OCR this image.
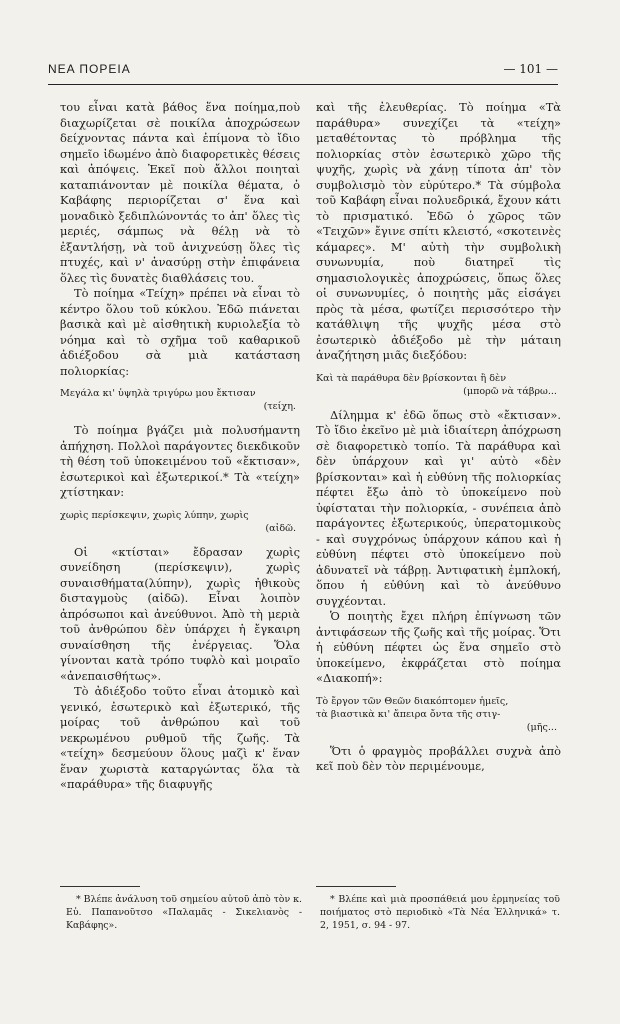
ΝΕΑ ΠΟΡΕΙΑ	— 101 —

του εἶναι κατὰ βάθος ἕνα ποίημα,ποὺ διαχωρίζεται σὲ ποικίλα ἀποχρώσεων δείχνοντας πάντα καὶ ἐπίμονα τὸ ἴδιο σημεῖο ἰδωμένο ἀπὸ διαφορετικὲς θέσεις καὶ ἀπόψεις. Ἐκεῖ ποὺ ἄλλοι ποιηταὶ καταπιάνονταν μὲ ποικίλα θέματα, ὁ Καβάφης περιορίζεται σ' ἕνα καὶ μοναδικὸ ξεδιπλώνοντάς το ἀπ' ὅλες τὶς μεριές, σάμπως νὰ θέλῃ νὰ τὸ ἐξαντλήσῃ, νὰ τοῦ ἀνιχνεύσῃ ὅλες τὶς πτυχές, καὶ ν' ἀνασύρῃ στὴν ἐπιφάνεια ὅλες τὶς δυνατὲς διαθλάσεις του.

Τὸ ποίημα «Τείχη» πρέπει νὰ εἶναι τὸ κέντρο ὅλου τοῦ κύκλου. Ἐδῶ πιάνεται βασικὰ καὶ μὲ αἰσθητικὴ κυριολεξία τὸ νόημα καὶ τὸ σχῆμα τοῦ καθαρικοῦ ἀδιέξοδου σὰ μιὰ κατάσταση πολιορκίας:

Μεγάλα κι' ὑψηλὰ τριγύρω μου ἔκτισαν
(τείχη.

Τὸ ποίημα βγάζει μιὰ πολυσήμαντη ἀπήχηση. Πολλοὶ παράγοντες διεκδικοῦν τὴ θέση τοῦ ὑποκειμένου τοῦ «ἔκτισαν», ἐσωτερικοὶ καὶ ἐξωτερικοί.* Τὰ «τείχη» χτίστηκαν:

χωρὶς περίσκεψιν, χωρὶς λύπην, χωρὶς
(αἰδῶ.

Οἱ «κτίσται» ἔδρασαν χωρὶς συνείδηση (περίσκεψιν), χωρὶς συναισθήματα(λύπην), χωρὶς ἠθικοὺς δισταγμοὺς (αἰδῶ). Εἶναι λοιπὸν ἀπρόσωποι καὶ ἀνεύθυνοι. Ἀπὸ τὴ μεριὰ τοῦ ἀνθρώπου δὲν ὑπάρχει ἡ ἔγκαιρη συναίσθηση τῆς ἐνέργειας. Ὅλα γίνονται κατὰ τρόπο τυφλὸ καὶ μοιραῖο «ἀνεπαισθήτως».

Τὸ ἀδιέξοδο τοῦτο εἶναι ἀτομικὸ καὶ γενικό, ἐσωτερικὸ καὶ ἐξωτερικό, τῆς μοίρας τοῦ ἀνθρώπου καὶ τοῦ νεκρωμένου ρυθμοῦ τῆς ζωῆς. Τὰ «τείχη» δεσμεύουν ὅλους μαζὶ κ' ἕναν ἕναν χωριστὰ καταργώντας ὅλα τὰ «παράθυρα» τῆς διαφυγῆς

καὶ τῆς ἐλευθερίας. Τὸ ποίημα «Τὰ παράθυρα» συνεχίζει τὰ «τείχη» μεταθέτοντας τὸ πρόβλημα τῆς πολιορκίας στὸν ἐσωτερικὸ χῶρο τῆς ψυχῆς, χωρὶς νὰ χάνῃ τίποτα ἀπ' τὸν συμβολισμὸ τὸν εὐρύτερο.* Τὰ σύμβολα τοῦ Καβάφη εἶναι πολυεδρικά, ἔχουν κάτι τὸ πρισματικό. Ἐδῶ ὁ χῶρος τῶν «Τειχῶν» ἔγινε σπίτι κλειστό, «σκοτεινὲς κάμαρες». Μ' αὐτὴ τὴν συμβολικὴ συνωνυμία, ποὺ διατηρεῖ τὶς σημασιολογικὲς ἀποχρώσεις, ὅπως ὅλες οἱ συνωνυμίες, ὁ ποιητὴς μᾶς εἰσάγει πρὸς τὰ μέσα, φωτίζει περισσότερο τὴν κατάθλιψη τῆς ψυχῆς μέσα στὸ ἐσωτερικὸ ἀδιέξοδο μὲ τὴν μάταιη ἀναζήτηση μιᾶς διεξόδου:

Καὶ τὰ παράθυρα δὲν βρίσκονται ἢ δὲν
(μπορῶ νὰ τάβρω...

Δίλημμα κ' ἐδῶ ὅπως στὸ «ἔκτισαν». Τὸ ἴδιο ἐκεῖνο μὲ μιὰ ἰδιαίτερη ἀπόχρωση σὲ διαφορετικὸ τοπίο. Τὰ παράθυρα καὶ δὲν ὑπάρχουν καὶ γι' αὐτὸ «δὲν βρίσκονται» καὶ ἡ εὐθύνη τῆς πολιορκίας πέφτει ἔξω ἀπὸ τὸ ὑποκείμενο ποὺ ὑφίσταται τὴν πολιορκία, - συνέπεια ἀπὸ παράγοντες ἐξωτερικούς, ὑπερατομικοὺς - καὶ συγχρόνως ὑπάρχουν κάπου καὶ ἡ εὐθύνη πέφτει στὸ ὑποκείμενο ποὺ ἀδυνατεῖ νὰ τάβρῃ. Ἀντιφατικὴ ἐμπλοκή, ὅπου ἡ εὐθύνη καὶ τὸ ἀνεύθυνο συγχέονται.

Ὁ ποιητὴς ἔχει πλήρη ἐπίγνωση τῶν ἀντιφάσεων τῆς ζωῆς καὶ τῆς μοίρας. Ὅτι ἡ εὐθύνη πέφτει ὡς ἕνα σημεῖο στὸ ὑποκείμενο, ἐκφράζεται στὸ ποίημα «Διακοπή»:

Τὸ ἔργον τῶν Θεῶν διακόπτομεν ἡμεῖς,
τὰ βιαστικὰ κι' ἄπειρα ὄντα τῆς στιγ-
(μῆς...

Ὅτι ὁ φραγμὸς προβάλλει συχνὰ ἀπὸ κεῖ ποὺ δὲν τὸν περιμένουμε,

* Βλέπε ἀνάλυση τοῦ σημείου αὐτοῦ ἀπὸ τὸν κ. Εὐ. Παπανοῦτσο «Παλαμᾶς - Σικελιανὸς - Καβάφης».
* Βλέπε καὶ μιὰ προσπάθειά μου ἑρμηνείας τοῦ ποιήματος στὸ περιοδικὸ «Τὰ Νέα Ἑλληνικά» τ. 2, 1951, σ. 94 - 97.
